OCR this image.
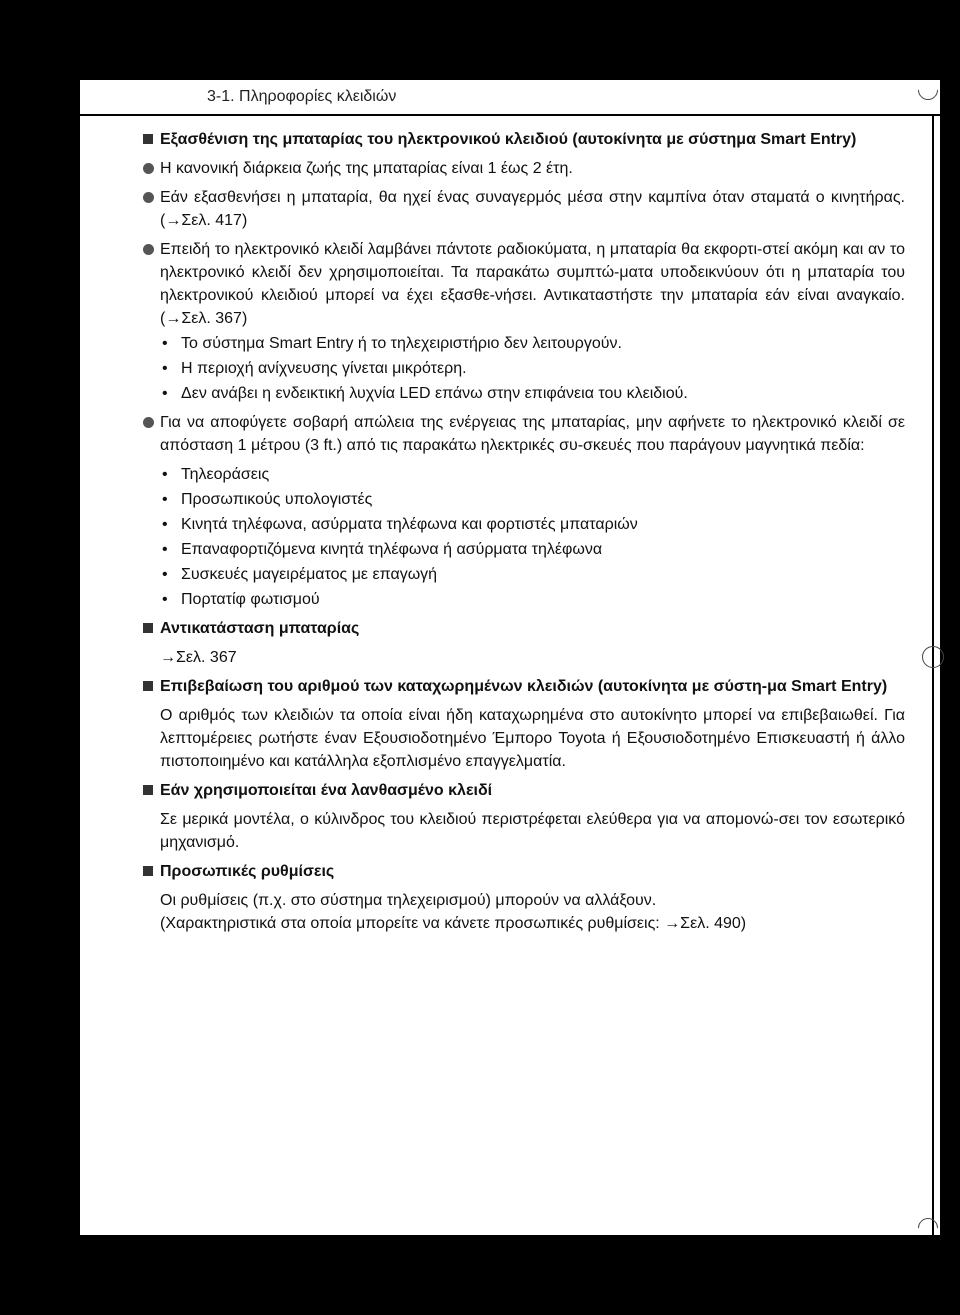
3-1. Πληροφορίες κλειδιών
Εξασθένιση της μπαταρίας του ηλεκτρονικού κλειδιού (αυτοκίνητα με σύστημα Smart Entry)
Η κανονική διάρκεια ζωής της μπαταρίας είναι 1 έως 2 έτη.
Εάν εξασθενήσει η μπαταρία, θα ηχεί ένας συναγερμός μέσα στην καμπίνα όταν σταματά ο κινητήρας. (→Σελ. 417)
Επειδή το ηλεκτρονικό κλειδί λαμβάνει πάντοτε ραδιοκύματα, η μπαταρία θα εκφορτι-στεί ακόμη και αν το ηλεκτρονικό κλειδί δεν χρησιμοποιείται. Τα παρακάτω συμπτώ-ματα υποδεικνύουν ότι η μπαταρία του ηλεκτρονικού κλειδιού μπορεί να έχει εξασθε-νήσει. Αντικαταστήστε την μπαταρία εάν είναι αναγκαίο. (→Σελ. 367)
• Το σύστημα Smart Entry ή το τηλεχειριστήριο δεν λειτουργούν.
• Η περιοχή ανίχνευσης γίνεται μικρότερη.
• Δεν ανάβει η ενδεικτική λυχνία LED επάνω στην επιφάνεια του κλειδιού.
Για να αποφύγετε σοβαρή απώλεια της ενέργειας της μπαταρίας, μην αφήνετε το ηλεκτρονικό κλειδί σε απόσταση 1 μέτρου (3 ft.) από τις παρακάτω ηλεκτρικές συ-σκευές που παράγουν μαγνητικά πεδία:
• Τηλεοράσεις
• Προσωπικούς υπολογιστές
• Κινητά τηλέφωνα, ασύρματα τηλέφωνα και φορτιστές μπαταριών
• Επαναφορτιζόμενα κινητά τηλέφωνα ή ασύρματα τηλέφωνα
• Συσκευές μαγειρέματος με επαγωγή
• Πορτατίφ φωτισμού
Αντικατάσταση μπαταρίας
→Σελ. 367
Επιβεβαίωση του αριθμού των καταχωρημένων κλειδιών (αυτοκίνητα με σύστη-μα Smart Entry)
Ο αριθμός των κλειδιών τα οποία είναι ήδη καταχωρημένα στο αυτοκίνητο μπορεί να επιβεβαιωθεί. Για λεπτομέρειες ρωτήστε έναν Εξουσιοδοτημένο Έμπορο Toyota ή Εξουσιοδοτημένο Επισκευαστή ή άλλο πιστοποιημένο και κατάλληλα εξοπλισμένο επαγγελματία.
Εάν χρησιμοποιείται ένα λανθασμένο κλειδί
Σε μερικά μοντέλα, ο κύλινδρος του κλειδιού περιστρέφεται ελεύθερα για να απομονώ-σει τον εσωτερικό μηχανισμό.
Προσωπικές ρυθμίσεις
Οι ρυθμίσεις (π.χ. στο σύστημα τηλεχειρισμού) μπορούν να αλλάξουν.
(Χαρακτηριστικά στα οποία μπορείτε να κάνετε προσωπικές ρυθμίσεις: →Σελ. 490)
